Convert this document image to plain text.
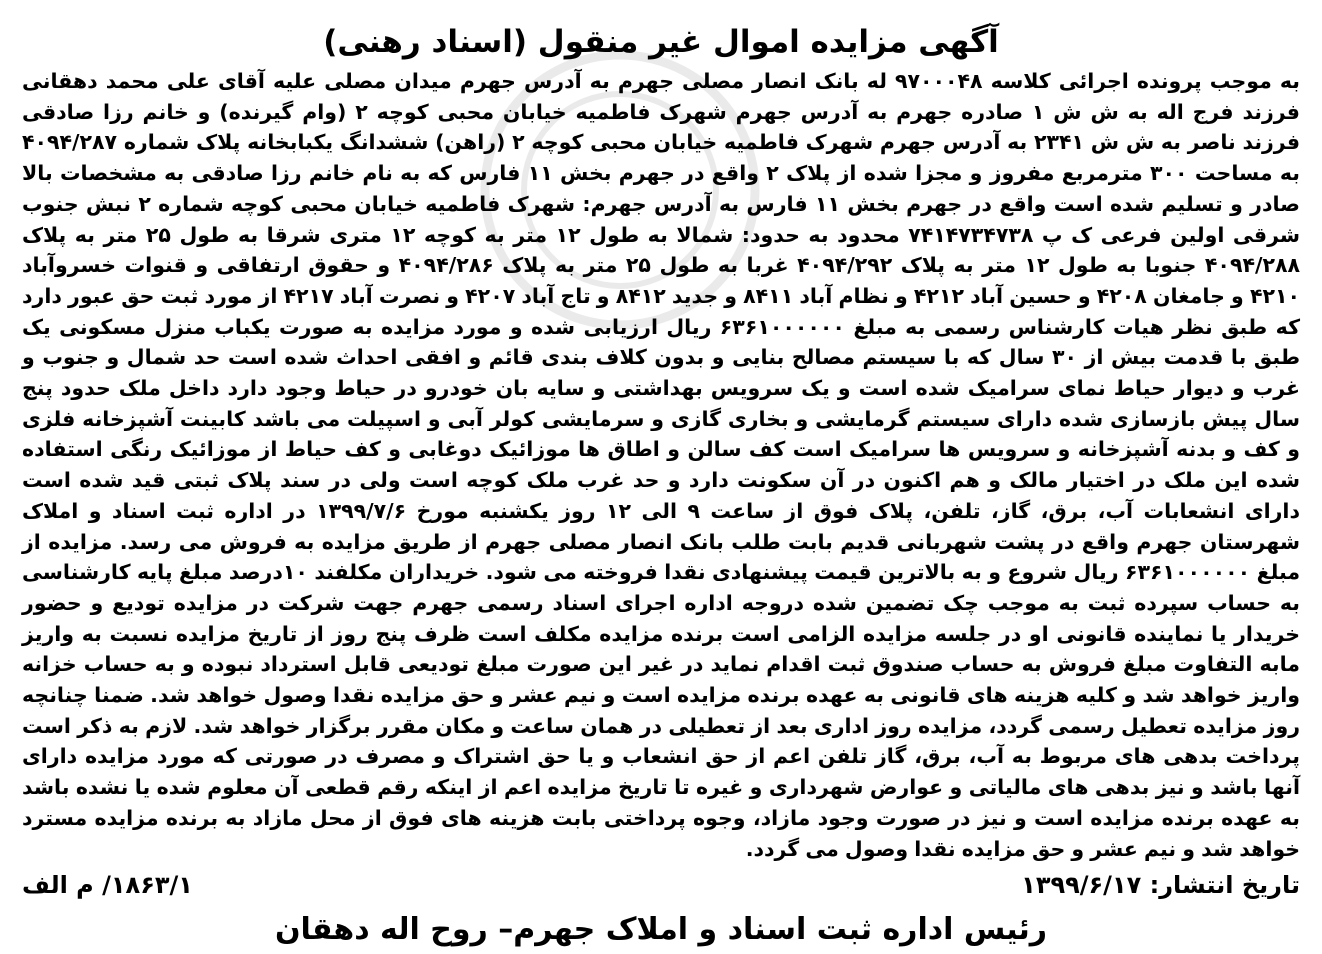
آگهی مزایده اموال غیر منقول (اسناد رهنی)

به موجب پرونده اجرائی کلاسه ۹۷۰۰۰۴۸ له بانک انصار مصلی جهرم به آدرس جهرم میدان مصلی علیه آقای علی محمد دهقانی فرزند فرج اله به ش ش ۱ صادره جهرم به آدرس جهرم شهرک فاطمیه خیابان محبی کوچه ۲ (وام گیرنده) و خانم رزا صادقی فرزند ناصر به ش ش ۲۳۴۱ به آدرس جهرم شهرک فاطمیه خیابان محبی کوچه ۲ (راهن) ششدانگ یکبابخانه پلاک شماره ۴۰۹۴/۲۸۷ به مساحت ۳۰۰ مترمربع مفروز و مجزا شده از پلاک ۲ واقع در جهرم بخش ۱۱ فارس که به نام خانم رزا صادقی به مشخصات بالا صادر و تسلیم شده است واقع در جهرم بخش ۱۱ فارس به آدرس جهرم: شهرک فاطمیه خیابان محبی کوچه شماره ۲ نبش جنوب شرقی اولین فرعی ک پ ۷۴۱۴۷۳۴۷۳۸ محدود به حدود: شمالا به طول ۱۲ متر به کوچه ۱۲ متری شرقا به طول ۲۵ متر به پلاک ۴۰۹۴/۲۸۸ جنوبا به طول ۱۲ متر به پلاک ۴۰۹۴/۲۹۲ غربا به طول ۲۵ متر به پلاک ۴۰۹۴/۲۸۶ و حقوق ارتفاقی و قنوات خسروآباد ۴۲۱۰ و جامغان ۴۲۰۸ و حسین آباد ۴۲۱۲ و نظام آباد ۸۴۱۱ و جدید ۸۴۱۲ و تاج آباد ۴۲۰۷ و نصرت آباد ۴۲۱۷ از مورد ثبت حق عبور دارد که طبق نظر هیات کارشناس رسمی به مبلغ ۶۳۶۱۰۰۰۰۰۰ ریال ارزیابی شده و مورد مزایده به صورت یکباب منزل مسکونی یک طبق با قدمت بیش از ۳۰ سال که با سیستم مصالح بنایی و بدون کلاف بندی قائم و افقی احداث شده است حد شمال و جنوب و غرب و دیوار حیاط نمای سرامیک شده است و یک سرویس بهداشتی و سایه بان خودرو در حیاط وجود دارد داخل ملک حدود پنج سال پیش بازسازی شده دارای سیستم گرمایشی و بخاری گازی و سرمایشی کولر آبی و اسپیلت می باشد کابینت آشپزخانه فلزی و کف و بدنه آشپزخانه و سرویس ها سرامیک است کف سالن و اطاق ها موزائیک دوغابی و کف حیاط از موزائیک رنگی استفاده شده این ملک در اختیار مالک و هم اکنون در آن سکونت دارد و حد غرب ملک کوچه است ولی در سند پلاک ثبتی قید شده است دارای انشعابات آب، برق، گاز، تلفن، پلاک فوق از ساعت ۹ الی ۱۲ روز یکشنبه مورخ ۱۳۹۹/۷/۶ در اداره ثبت اسناد و املاک شهرستان جهرم واقع در پشت شهربانی قدیم بابت طلب بانک انصار مصلی جهرم از طریق مزایده به فروش می رسد. مزایده از مبلغ ۶۳۶۱۰۰۰۰۰۰ ریال شروع و به بالاترین قیمت پیشنهادی نقدا فروخته می شود. خریداران مکلفند ۱۰درصد مبلغ پایه کارشناسی به حساب سپرده ثبت به موجب چک تضمین شده دروجه اداره اجرای اسناد رسمی جهرم جهت شرکت در مزایده تودیع و حضور خریدار یا نماینده قانونی او در جلسه مزایده الزامی است برنده مزایده مکلف است ظرف پنج روز از تاریخ مزایده نسبت به واریز مابه التفاوت مبلغ فروش به حساب صندوق ثبت اقدام نماید در غیر این صورت مبلغ تودیعی قابل استرداد نبوده و به حساب خزانه واریز خواهد شد و کلیه هزینه های قانونی به عهده برنده مزایده است و نیم عشر و حق مزایده نقدا وصول خواهد شد. ضمنا چنانچه روز مزایده تعطیل رسمی گردد، مزایده روز اداری بعد از تعطیلی در همان ساعت و مکان مقرر برگزار خواهد شد. لازم به ذکر است پرداخت بدهی های مربوط به آب، برق، گاز تلفن اعم از حق انشعاب و یا حق اشتراک و مصرف در صورتی که مورد مزایده دارای آنها باشد و نیز بدهی های مالیاتی و عوارض شهرداری و غیره تا تاریخ مزایده اعم از اینکه رقم قطعی آن معلوم شده یا نشده باشد به عهده برنده مزایده است و نیز در صورت وجود مازاد، وجوه پرداختی بابت هزینه های فوق از محل مازاد به برنده مزایده مسترد خواهد شد و نیم عشر و حق مزایده نقدا وصول می گردد.

تاریخ انتشار: ۱۳۹۹/۶/۱۷
۱۸۶۳/۱/ م الف
رئیس اداره ثبت اسناد و املاک جهرم– روح اله دهقان
